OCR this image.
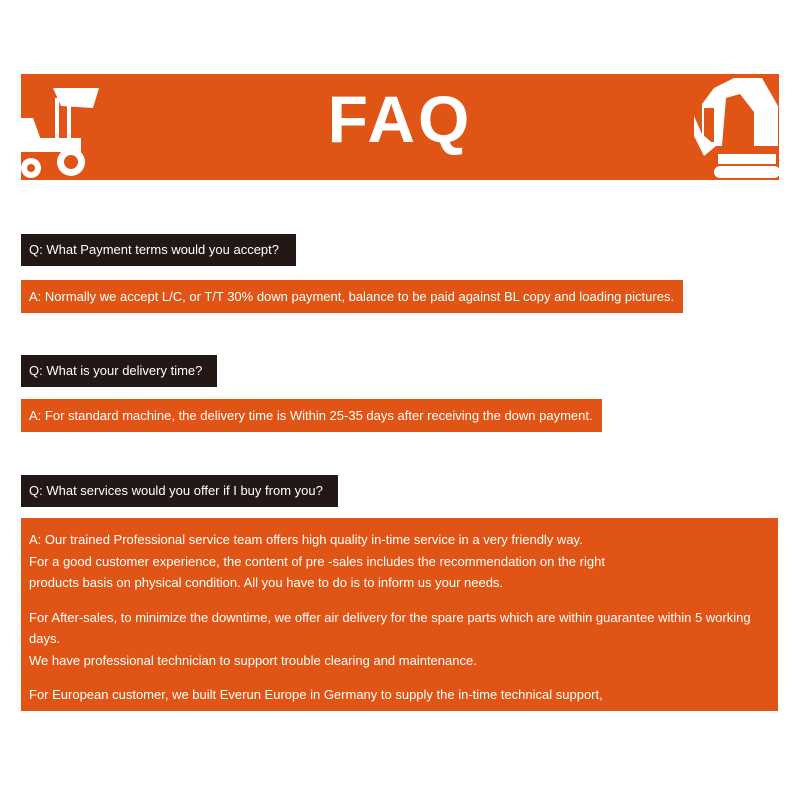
FAQ
Q: What Payment terms would you accept?
A: Normally we accept L/C, or T/T 30% down payment, balance to be paid against BL copy and loading pictures.
Q: What is your delivery time?
A: For standard machine, the delivery time is Within 25-35 days after receiving the down payment.
Q: What services would you offer if I buy from you?

A: Our trained Professional service team offers high quality in-time service in a very friendly way.
For a good customer experience, the content of pre -sales includes the recommendation on the right
products basis on physical condition. All you have to do is to inform us your needs.

For After-sales, to minimize the downtime, we offer air delivery for the spare parts which are within guarantee within 5 working days.
We have professional technician to support trouble clearing and maintenance.

For European customer, we built Everun Europe in Germany to supply the in-time technical support,
and machine trial run and spare parts delivery.
